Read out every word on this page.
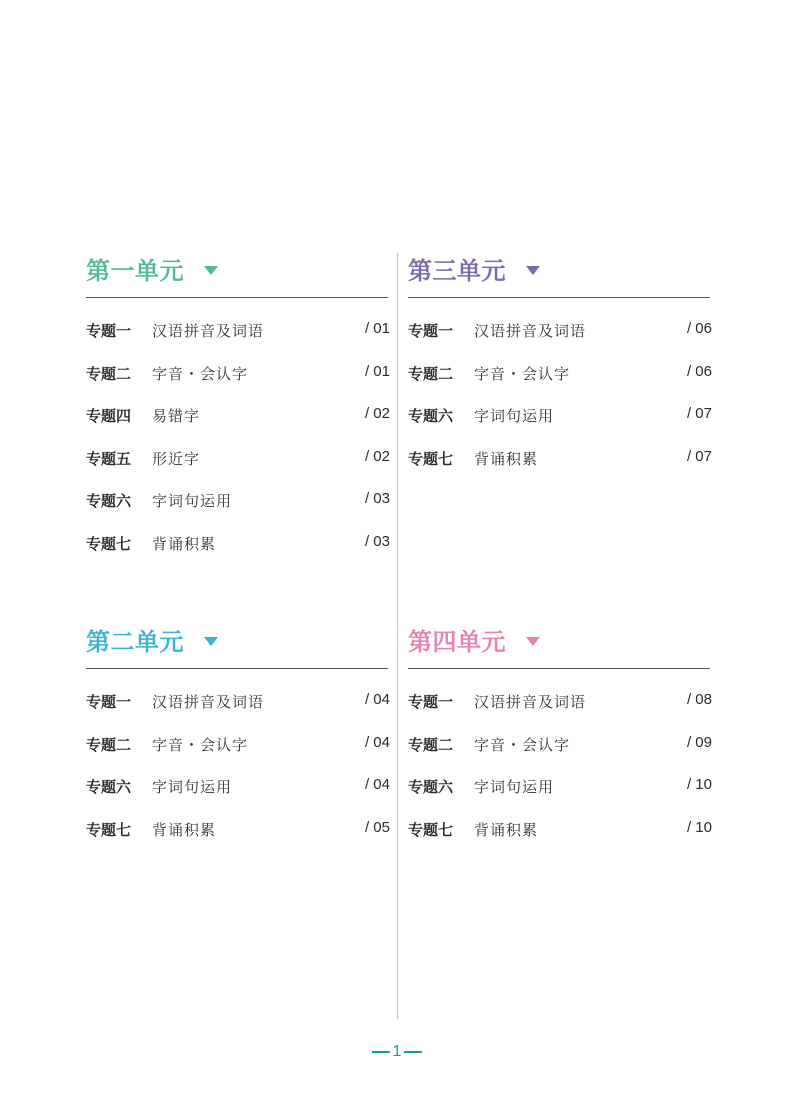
第一单元
专题一 汉语拼音及词语	/ 01
专题二 字音・会认字	/ 01
专题四 易错字	/ 02
专题五 形近字	/ 02
专题六 字词句运用	/ 03
专题七 背诵积累	/ 03
第二单元
专题一 汉语拼音及词语	/ 04
专题二 字音・会认字	/ 04
专题六 字词句运用	/ 04
专题七 背诵积累	/ 05
第三单元
专题一 汉语拼音及词语	/ 06
专题二 字音・会认字	/ 06
专题六 字词句运用	/ 07
专题七 背诵积累	/ 07
第四单元
专题一 汉语拼音及词语	/ 08
专题二 字音・会认字	/ 09
专题六 字词句运用	/ 10
专题七 背诵积累	/ 10
1
